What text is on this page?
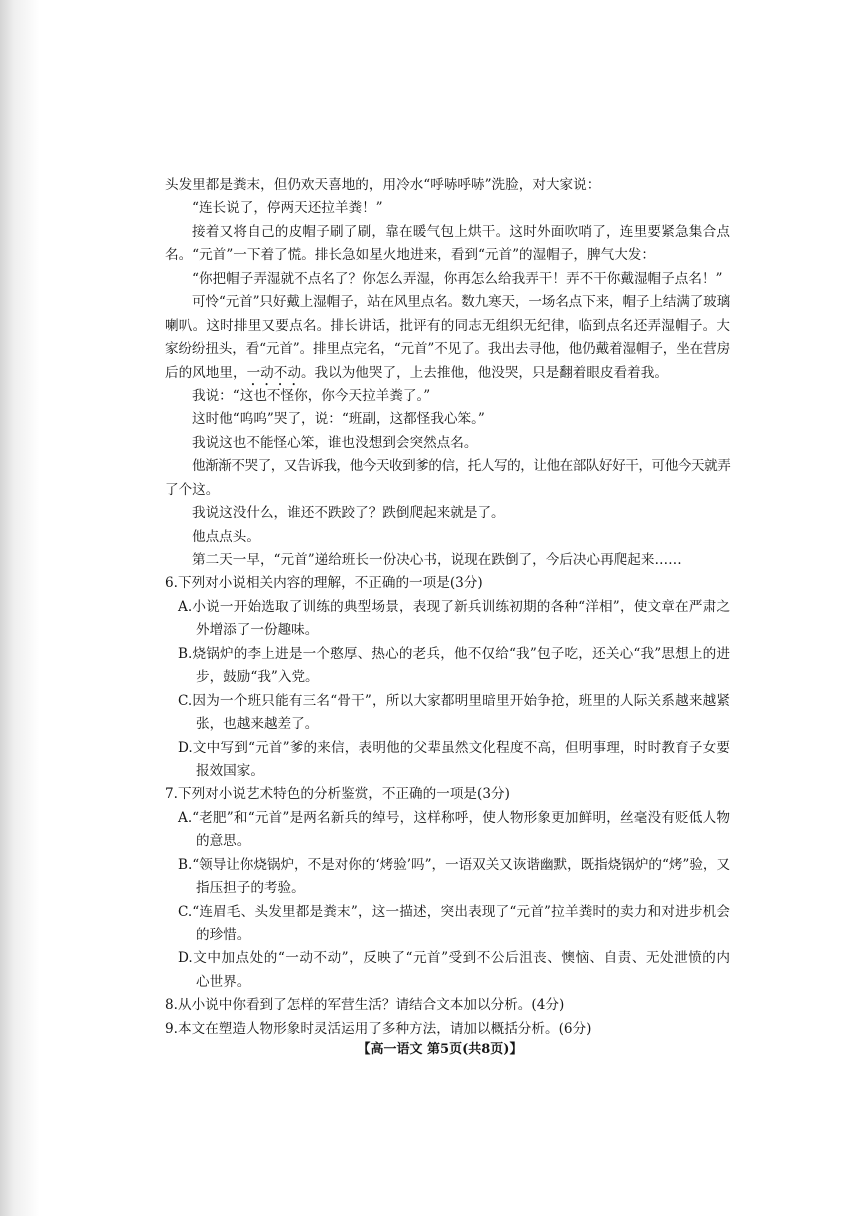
头发里都是粪末，但仍欢天喜地的，用冷水“呼哧呼哧”洗脸，对大家说：
“连长说了，停两天还拉羊粪！”
接着又将自己的皮帽子刷了刷，靠在暖气包上烘干。这时外面吹哨了，连里要紧急集合点
名。“元首”一下着了慌。排长急如星火地进来，看到“元首”的湿帽子，脾气大发：
“你把帽子弄湿就不点名了？你怎么弄湿，你再怎么给我弄干！弄不干你戴湿帽子点名！”
可怜“元首”只好戴上湿帽子，站在风里点名。数九寒天，一场名点下来，帽子上结满了玻璃
喇叭。这时排里又要点名。排长讲话，批评有的同志无组织无纪律，临到点名还弄湿帽子。大
家纷纷扭头，看“元首”。排里点完名，“元首”不见了。我出去寻他，他仍戴着湿帽子，坐在营房
后的风地里，一动不动。我以为他哭了，上去推他，他没哭，只是翻着眼皮看着我。
我说：“这也不怪你，你今天拉羊粪了。”
这时他“呜呜”哭了，说：“班副，这都怪我心笨。”
我说这也不能怪心笨，谁也没想到会突然点名。
他渐渐不哭了，又告诉我，他今天收到爹的信，托人写的，让他在部队好好干，可他今天就弄
了个这。
我说这没什么，谁还不跌跤了？跌倒爬起来就是了。
他点点头。
第二天一早，“元首”递给班长一份决心书，说现在跌倒了，今后决心再爬起来……
6.下列对小说相关内容的理解，不正确的一项是(3分)
A.小说一开始选取了训练的典型场景，表现了新兵训练初期的各种“洋相”，使文章在严肃之
外增添了一份趣味。
B.烧锅炉的李上进是一个憨厚、热心的老兵，他不仅给“我”包子吃，还关心“我”思想上的进
步，鼓励“我”入党。
C.因为一个班只能有三名“骨干”，所以大家都明里暗里开始争抢，班里的人际关系越来越紧
张，也越来越差了。
D.文中写到“元首”爹的来信，表明他的父辈虽然文化程度不高，但明事理，时时教育子女要
报效国家。
7.下列对小说艺术特色的分析鉴赏，不正确的一项是(3分)
A.“老肥”和“元首”是两名新兵的绰号，这样称呼，使人物形象更加鲜明，丝毫没有贬低人物
的意思。
B.“领导让你烧锅炉，不是对你的‘烤验’吗”，一语双关又诙谐幽默，既指烧锅炉的“烤”验，又
指压担子的考验。
C.“连眉毛、头发里都是粪末”，这一描述，突出表现了“元首”拉羊粪时的卖力和对进步机会
的珍惜。
D.文中加点处的“一动不动”，反映了“元首”受到不公后沮丧、懊恼、自责、无处泄愤的内
心世界。
8.从小说中你看到了怎样的军营生活？请结合文本加以分析。(4分)
9.本文在塑造人物形象时灵活运用了多种方法，请加以概括分析。(6分)
【高一语文 第5页(共8页)】
